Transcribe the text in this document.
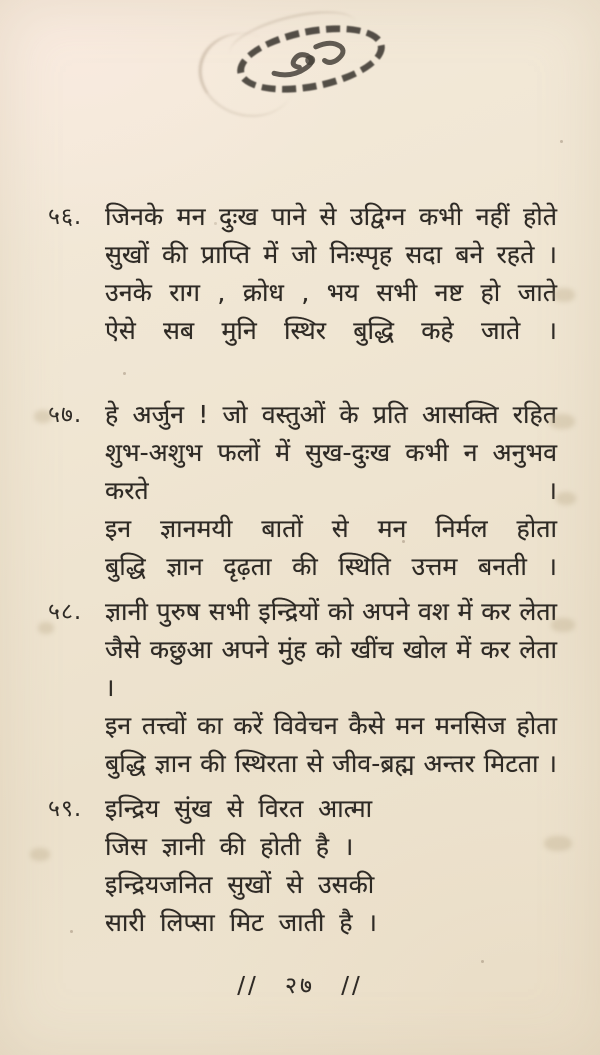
५६. जिनके मन दुःख पाने से उद्विग्न कभी नहीं होते
सुखों की प्राप्ति में जो निःस्पृह सदा बने रहते ।
उनके राग , क्रोध , भय सभी नष्ट हो जाते
ऐसे सब मुनि स्थिर बुद्धि कहे जाते ।
५७. हे अर्जुन ! जो वस्तुओं के प्रति आसक्ति रहित
शुभ-अशुभ फलों में सुख-दुःख कभी न अनुभव करते ।
इन ज्ञानमयी बातों से मन निर्मल होता
बुद्धि ज्ञान दृढ़ता की स्थिति उत्तम बनती ।
५८. ज्ञानी पुरुष सभी इन्द्रियों को अपने वश में कर लेता
जैसे कछुआ अपने मुंह को खींच खोल में कर लेता ।
इन तत्त्वों का करें विवेचन कैसे मन मनसिज होता
बुद्धि ज्ञान की स्थिरता से जीव-ब्रह्म अन्तर मिटता ।
५९. इन्द्रिय सुंख से विरत आत्मा
जिस ज्ञानी की होती है ।
इन्द्रियजनित सुखों से उसकी
सारी लिप्सा मिट जाती है ।
// २७ //
